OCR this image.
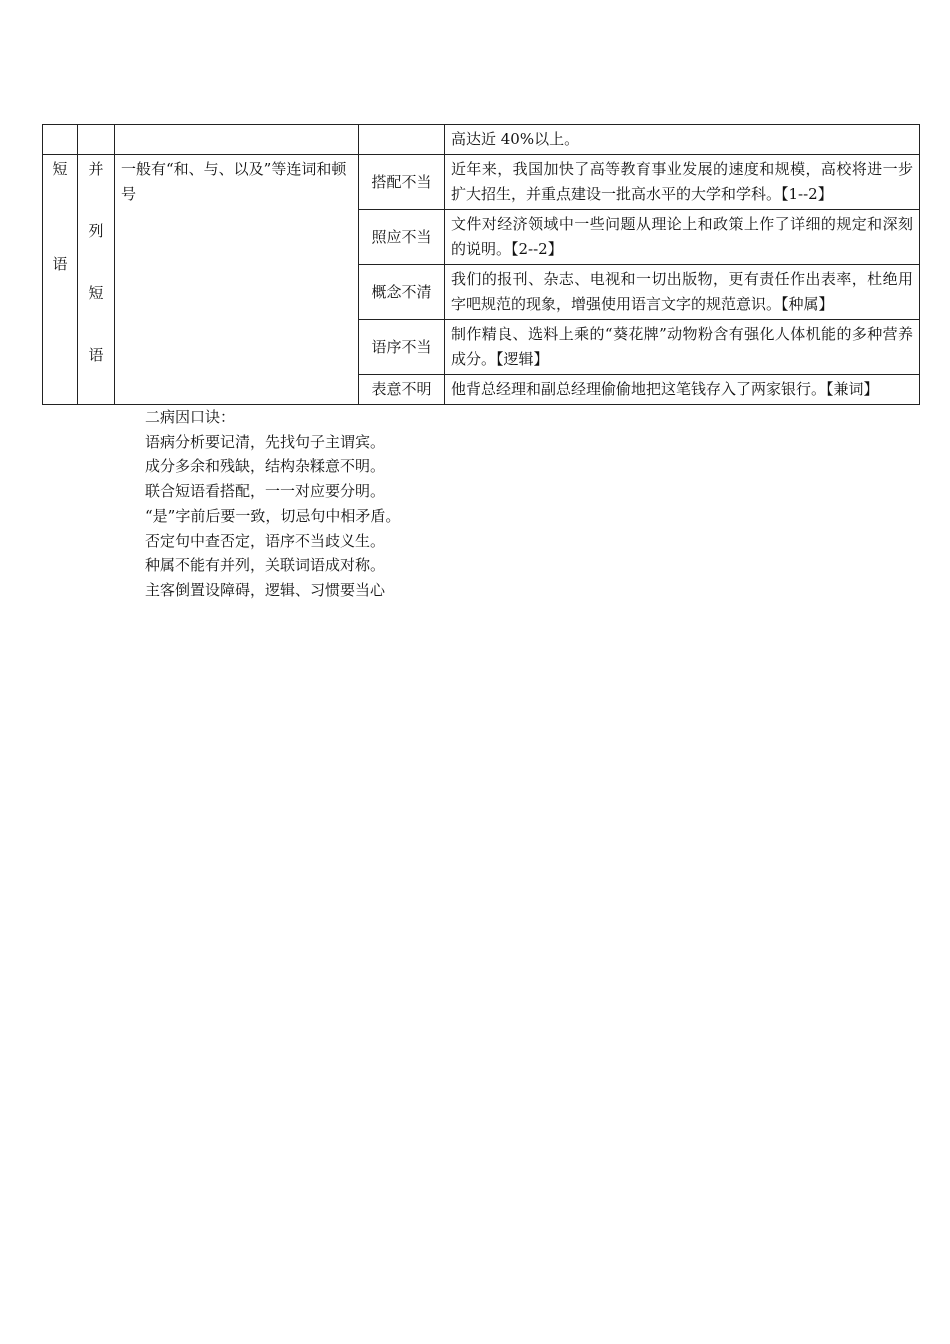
				高达近 40%以上。

短
语	并
列
短
语	一般有“和、与、以及”等连词和顿号	搭配不当	近年来，我国加快了高等教育事业发展的速度和规模，高校将进一步扩大招生，并重点建设一批高水平的大学和学科。【1--2】
			照应不当	文件对经济领域中一些问题从理论上和政策上作了详细的规定和深刻的说明。【2--2】
			概念不清	我们的报刊、杂志、电视和一切出版物，更有责任作出表率，杜绝用字吧规范的现象，增强使用语言文字的规范意识。【种属】
			语序不当	制作精良、选料上乘的“葵花牌”动物粉含有强化人体机能的多种营养成分。【逻辑】
			表意不明	他背总经理和副总经理偷偷地把这笔钱存入了两家银行。【兼词】
二病因口诀：
语病分析要记清，先找句子主谓宾。
成分多余和残缺，结构杂糅意不明。
联合短语看搭配，一一对应要分明。
“是”字前后要一致，切忌句中相矛盾。
否定句中查否定，语序不当歧义生。
种属不能有并列，关联词语成对称。
主客倒置设障碍，逻辑、习惯要当心
